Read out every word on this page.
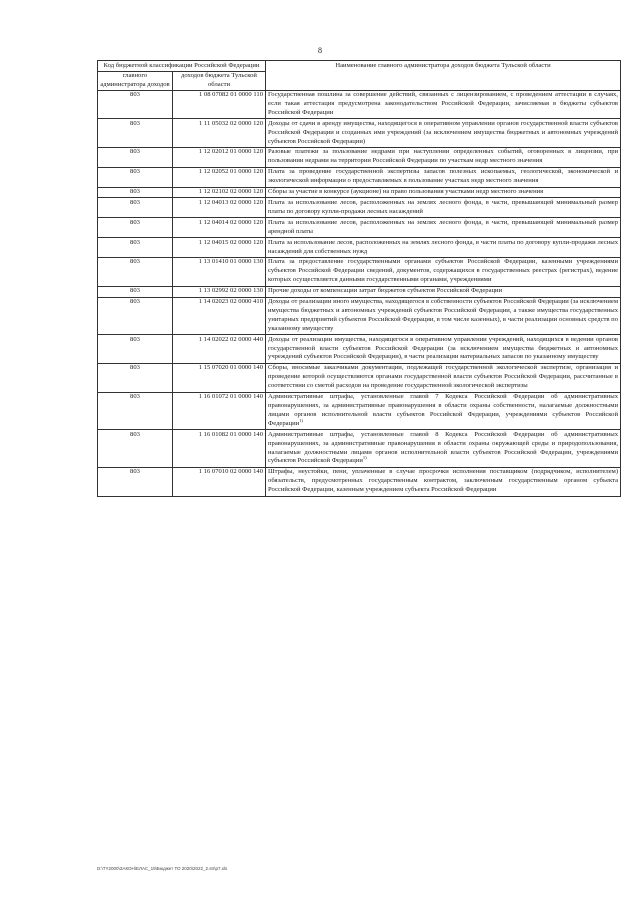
8
Код бюджетной классификации Российской Федерации		Наименование главного администратора доходов бюджета Тульской области
главного администратора доходов	доходов бюджета Тульской области	
803	1 08 07082 01 0000 110	Государственная пошлина за совершение действий, связанных с лицензированием, с проведением аттестации в случаях, если такая аттестация предусмотрена законодательством Российской Федерации, зачисляемая в бюджеты субъектов Российской Федерации
803	1 11 05032 02 0000 120	Доходы от сдачи в аренду имущества, находящегося в оперативном управлении органов государственной власти субъектов Российской Федерации и созданных ими учреждений (за исключением имущества бюджетных и автономных учреждений субъектов Российской Федерации)
803	1 12 02012 01 0000 120	Разовые платежи за пользование недрами при наступлении определенных событий, оговоренных в лицензии, при пользовании недрами на территории Российской Федерации по участкам недр местного значения
803	1 12 02052 01 0000 120	Плата за проведение государственной экспертизы запасов полезных ископаемых, геологической, экономической и экологической информации о предоставляемых в пользование участках недр местного значения
803	1 12 02102 02 0000 120	Сборы за участие в конкурсе (аукционе) на право пользования участками недр местного значения
803	1 12 04013 02 0000 120	Плата за использование лесов, расположенных на землях лесного фонда, в части, превышающей минимальный размер платы по договору купли-продажи лесных насаждений
803	1 12 04014 02 0000 120	Плата за использование лесов, расположенных на землях лесного фонда, в части, превышающей минимальный размер арендной платы
803	1 12 04015 02 0000 120	Плата за использование лесов, расположенных на землях лесного фонда, в части платы по договору купли-продажи лесных насаждений для собственных нужд
803	1 13 01410 01 0000 130	Плата за предоставление государственными органами субъектов Российской Федерации, казенными учреждениями субъектов Российской Федерации сведений, документов, содержащихся в государственных реестрах (регистрах), ведение которых осуществляется данными государственными органами, учреждениями
803	1 13 02992 02 0000 130	Прочие доходы от компенсации затрат бюджетов субъектов Российской Федерации
803	1 14 02023 02 0000 410	Доходы от реализации иного имущества, находящегося в собственности субъектов Российской Федерации (за исключением имущества бюджетных и автономных учреждений субъектов Российской Федерации, а также имущества государственных унитарных предприятий субъектов Российской Федерации, в том числе казенных), в части реализации основных средств по указанному имуществу
803	1 14 02022 02 0000 440	Доходы от реализации имущества, находящегося в оперативном управлении учреждений, находящихся в ведении органов государственной власти субъектов Российской Федерации (за исключением имущества бюджетных и автономных учреждений субъектов Российской Федерации), в части реализации материальных запасов по указанному имуществу
803	1 15 07020 01 0000 140	Сборы, вносимые заказчиками документации, подлежащей государственной экологической экспертизе, организация и проведение которой осуществляются органами государственной власти субъектов Российской Федерации, рассчитанные в соответствии со сметой расходов на проведение государственной экологической экспертизы
803	1 16 01072 01 0000 140	Административные штрафы, установленные главой 7 Кодекса Российской Федерации об административных правонарушениях, за административные правонарушения в области охраны собственности, налагаемые должностными лицами органов исполнительной власти субъектов Российской Федерации, учреждениями субъектов Российской Федерации$^{1)}$
803	1 16 01082 01 0000 140	Административные штрафы, установленные главой 8 Кодекса Российской Федерации об административных правонарушениях, за административные правонарушения в области охраны окружающей среды и природопользования, налагаемые должностными лицами органов исполнительной власти субъектов Российской Федерации, учреждениями субъектов Российской Федерации$^{1)}$
803	1 16 07010 02 0000 140	Штрафы, неустойки, пени, уплаченные в случае просрочки исполнения поставщиком (подрядчиком, исполнителем) обязательств, предусмотренных государственным контрактом, заключенным государственным органом субъекта Российской Федерации, казенным учреждением субъекта Российской Федерации
D:\TY2000\ЗАКОН\ЕЛАС_19\Бюджет ТО 2020\2022_2.str\p7.xls
